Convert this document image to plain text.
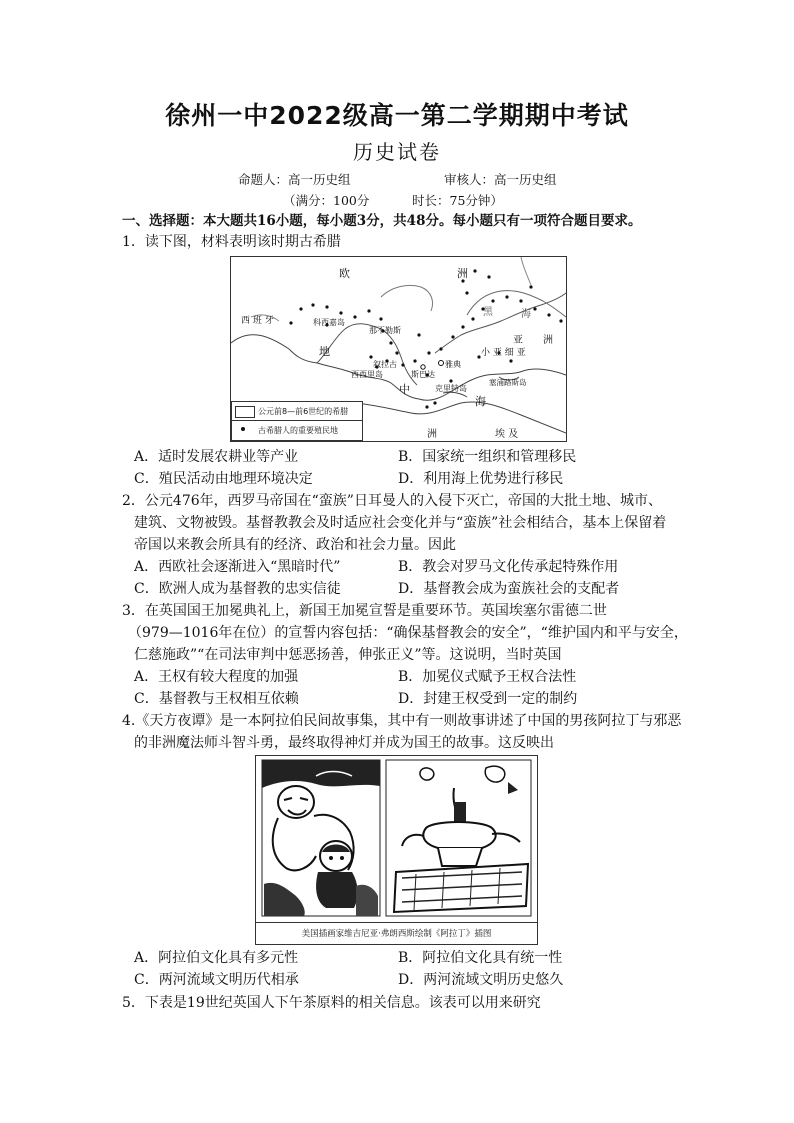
徐州一中2022级高一第二学期期中考试
历史试卷
命题人：高一历史组	审核人：高一历史组
（满分：100分	时长：75分钟）
一、选择题：本大题共16小题，每小题3分，共48分。每小题只有一项符合题目要求。
1．读下图，材料表明该时期古希腊
欧	洲
西 班 牙	科西嘉岛
那不勒斯
地
中
海
西西里岛
叙拉古
斯巴达
雅典
克里特岛
亚 洲
小 亚 细 亚
塞浦路斯岛
黑	海
洲	埃 及
公元前8—前6世纪的希腊
古希腊人的重要殖民地
A．适时发展农耕业等产业	B．国家统一组织和管理移民
C．殖民活动由地理环境决定	D．利用海上优势进行移民
2．公元476年，西罗马帝国在“蛮族”日耳曼人的入侵下灭亡，帝国的大批土地、城市、
建筑、文物被毁。基督教教会及时适应社会变化并与“蛮族”社会相结合，基本上保留着
帝国以来教会所具有的经济、政治和社会力量。因此
A．西欧社会逐渐进入“黑暗时代”	B．教会对罗马文化传承起特殊作用
C．欧洲人成为基督教的忠实信徒	D．基督教会成为蛮族社会的支配者
3．在英国国王加冕典礼上，新国王加冕宣誓是重要环节。英国埃塞尔雷德二世
（979—1016年在位）的宣誓内容包括：“确保基督教会的安全”，“维护国内和平与安全，
仁慈施政”“在司法审判中惩恶扬善，伸张正义”等。这说明，当时英国
A．王权有较大程度的加强	B．加冕仪式赋予王权合法性
C．基督教与王权相互依赖	D．封建王权受到一定的制约
4.《天方夜谭》是一本阿拉伯民间故事集，其中有一则故事讲述了中国的男孩阿拉丁与邪恶
的非洲魔法师斗智斗勇，最终取得神灯并成为国王的故事。这反映出
美国插画家维吉尼亚·弗朗西斯绘制《阿拉丁》插图
A．阿拉伯文化具有多元性	B．阿拉伯文化具有统一性
C．两河流域文明历代相承	D．两河流域文明历史悠久
5．下表是19世纪英国人下午茶原料的相关信息。该表可以用来研究
